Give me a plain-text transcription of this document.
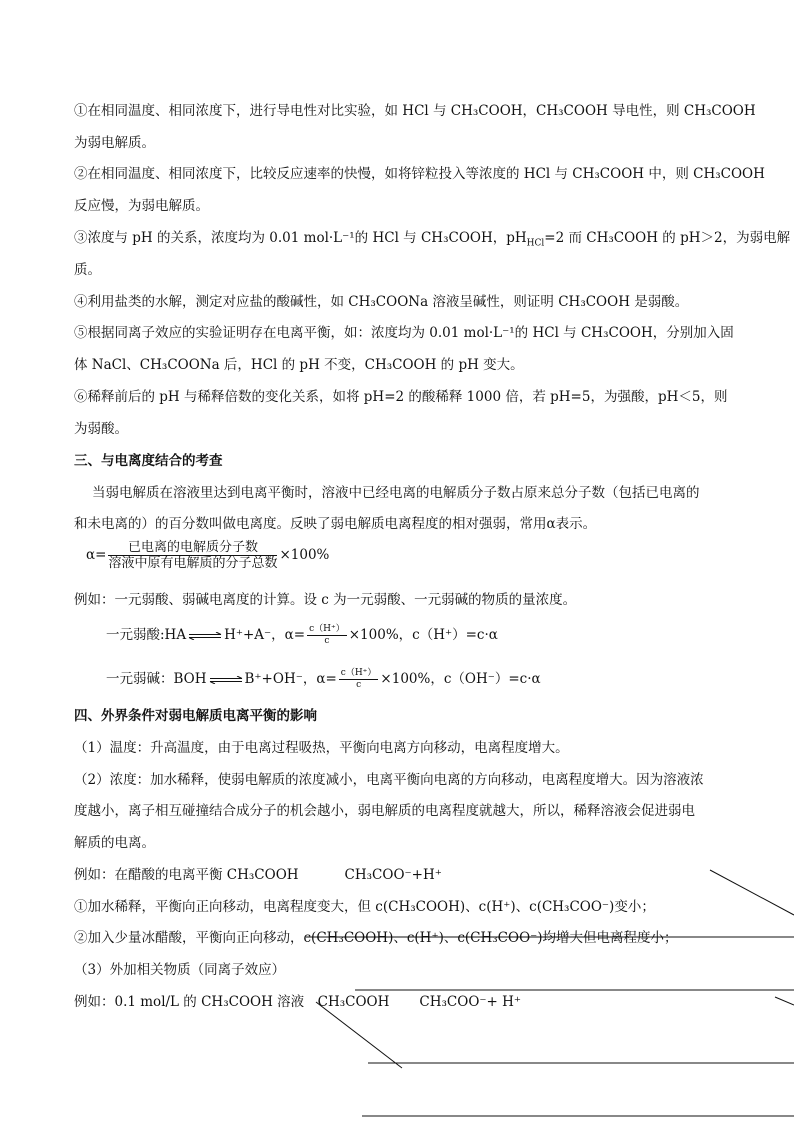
①在相同温度、相同浓度下，进行导电性对比实验，如 HCl 与 CH₃COOH，CH₃COOH 导电性，则 CH₃COOH
为弱电解质。
②在相同温度、相同浓度下，比较反应速率的快慢，如将锌粒投入等浓度的 HCl 与 CH₃COOH 中，则 CH₃COOH
反应慢，为弱电解质。
③浓度与 pH 的关系，浓度均为 0.01 mol·L⁻¹的 HCl 与 CH₃COOH，$pH_{HCl}=2$ 而 CH₃COOH 的 pH＞2，为弱电解
质。
④利用盐类的水解，测定对应盐的酸碱性，如 CH₃COONa 溶液呈碱性，则证明 CH₃COOH 是弱酸。
⑤根据同离子效应的实验证明存在电离平衡，如：浓度均为 0.01 mol·L⁻¹的 HCl 与 CH₃COOH，分别加入固
体 NaCl、CH₃COONa 后，HCl 的 pH 不变，CH₃COOH 的 pH 变大。
⑥稀释前后的 pH 与稀释倍数的变化关系，如将 pH=2 的酸稀释 1000 倍，若 pH=5，为强酸，pH＜5，则
为弱酸。
三、与电离度结合的考查
当弱电解质在溶液里达到电离平衡时，溶液中已经电离的电解质分子数占原来总分子数（包括已电离的
和未电离的）的百分数叫做电离度。反映了弱电解质电离程度的相对强弱，常用α表示。
$\alpha= \frac{\text{已电离的电解质分子数}}{\text{溶液中原有电解质的分子总数}} \times 100\%$
例如：一元弱酸、弱碱电离度的计算。设 c 为一元弱酸、一元弱碱的物质的量浓度。
一元弱酸:HA ⇌ H⁺+A⁻，$\alpha= \frac{c(H^+)}{c} \times 100\%$，c（H⁺）=c·α
一元弱碱：BOH ⇌ B⁺+OH⁻，$\alpha= \frac{c(H^+)}{c} \times 100\%$，c（OH⁻）=c·α
四、外界条件对弱电解质电离平衡的影响
（1）温度：升高温度，由于电离过程吸热，平衡向电离方向移动，电离程度增大。
（2）浓度：加水稀释，使弱电解质的浓度减小，电离平衡向电离的方向移动，电离程度增大。因为溶液浓
度越小，离子相互碰撞结合成分子的机会越小，弱电解质的电离程度就越大，所以，稀释溶液会促进弱电
解质的电离。
例如：在醋酸的电离平衡 CH₃COOH	CH₃COO⁻+H⁺
①加水稀释，平衡向正向移动，电离程度变大，但 c(CH₃COOH)、c(H⁺)、c(CH₃COO⁻)变小；
②加入少量冰醋酸，平衡向正向移动，c(CH₃COOH)、c(H⁺)、c(CH₃COO⁻)均增大但电离程度小；
（3）外加相关物质（同离子效应）
例如：0.1 mol/L 的 CH₃COOH 溶液　CH₃COOH CH₃COO⁻+ H⁺
